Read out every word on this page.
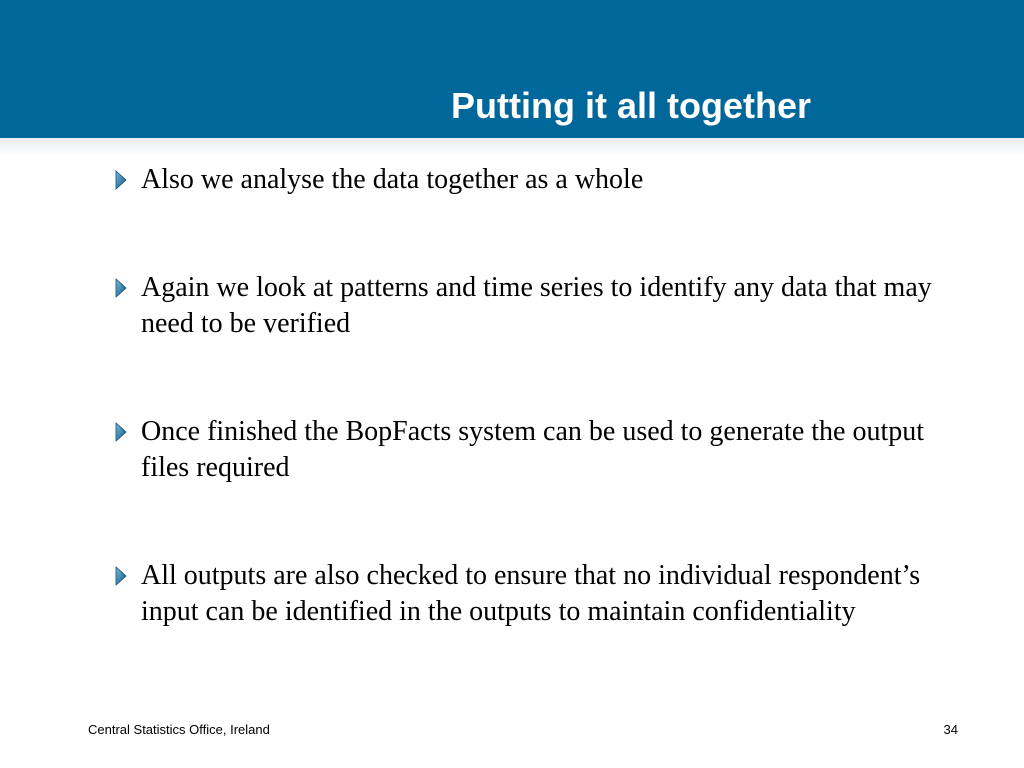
Putting it all together
Also we analyse the data together as a whole
Again we look at patterns and time series to identify any data that may need to be verified
Once finished the BopFacts system can be used to generate the output files required
All outputs are also checked to ensure that no individual respondent’s input can be identified in the outputs to maintain confidentiality
Central Statistics Office, Ireland	34
